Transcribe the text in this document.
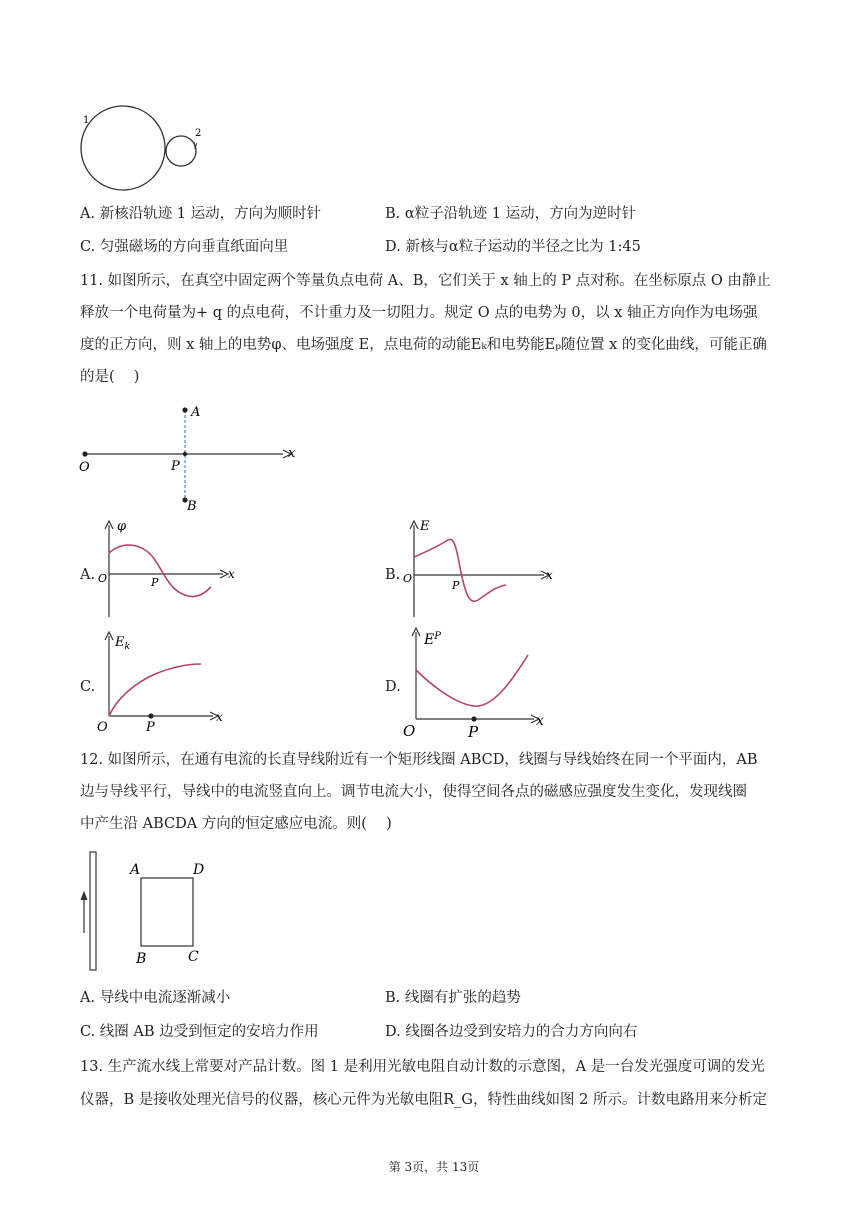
1
2
A. 新核沿轨迹 1 运动，方向为顺时针	B. α粒子沿轨迹 1 运动，方向为逆时针
C. 匀强磁场的方向垂直纸面向里	D. 新核与α粒子运动的半径之比为 1:45
11. 如图所示，在真空中固定两个等量负点电荷 A、B，它们关于 x 轴上的 P 点对称。在坐标原点 O 由静止
释放一个电荷量为+ q 的点电荷，不计重力及一切阻力。规定 O 点的电势为 0，以 x 轴正方向作为电场强
度的正方向，则 x 轴上的电势φ、电场强度 E，点电荷的动能Eₖ和电势能Eₚ随位置 x 的变化曲线，可能正确
的是(　 )
A
B
O	P
x
A.
φ
O	P
x	B.
E
O
P
x
C.
$E_k$
O	P
x
D.
$E^P$
O	P
x
12. 如图所示，在通有电流的长直导线附近有一个矩形线圈 ABCD，线圈与导线始终在同一个平面内，AB
边与导线平行，导线中的电流竖直向上。调节电流大小，使得空间各点的磁感应强度发生变化，发现线圈
中产生沿 ABCDA 方向的恒定感应电流。则(　 )
A	D
B	C
A. 导线中电流逐渐减小	B. 线圈有扩张的趋势
C. 线圈 AB 边受到恒定的安培力作用	D. 线圈各边受到安培力的合力方向向右
13. 生产流水线上常要对产品计数。图 1 是利用光敏电阻自动计数的示意图，A 是一台发光强度可调的发光
仪器，B 是接收处理光信号的仪器，核心元件为光敏电阻R_G，特性曲线如图 2 所示。计数电路用来分析定
第 3页，共 13页
